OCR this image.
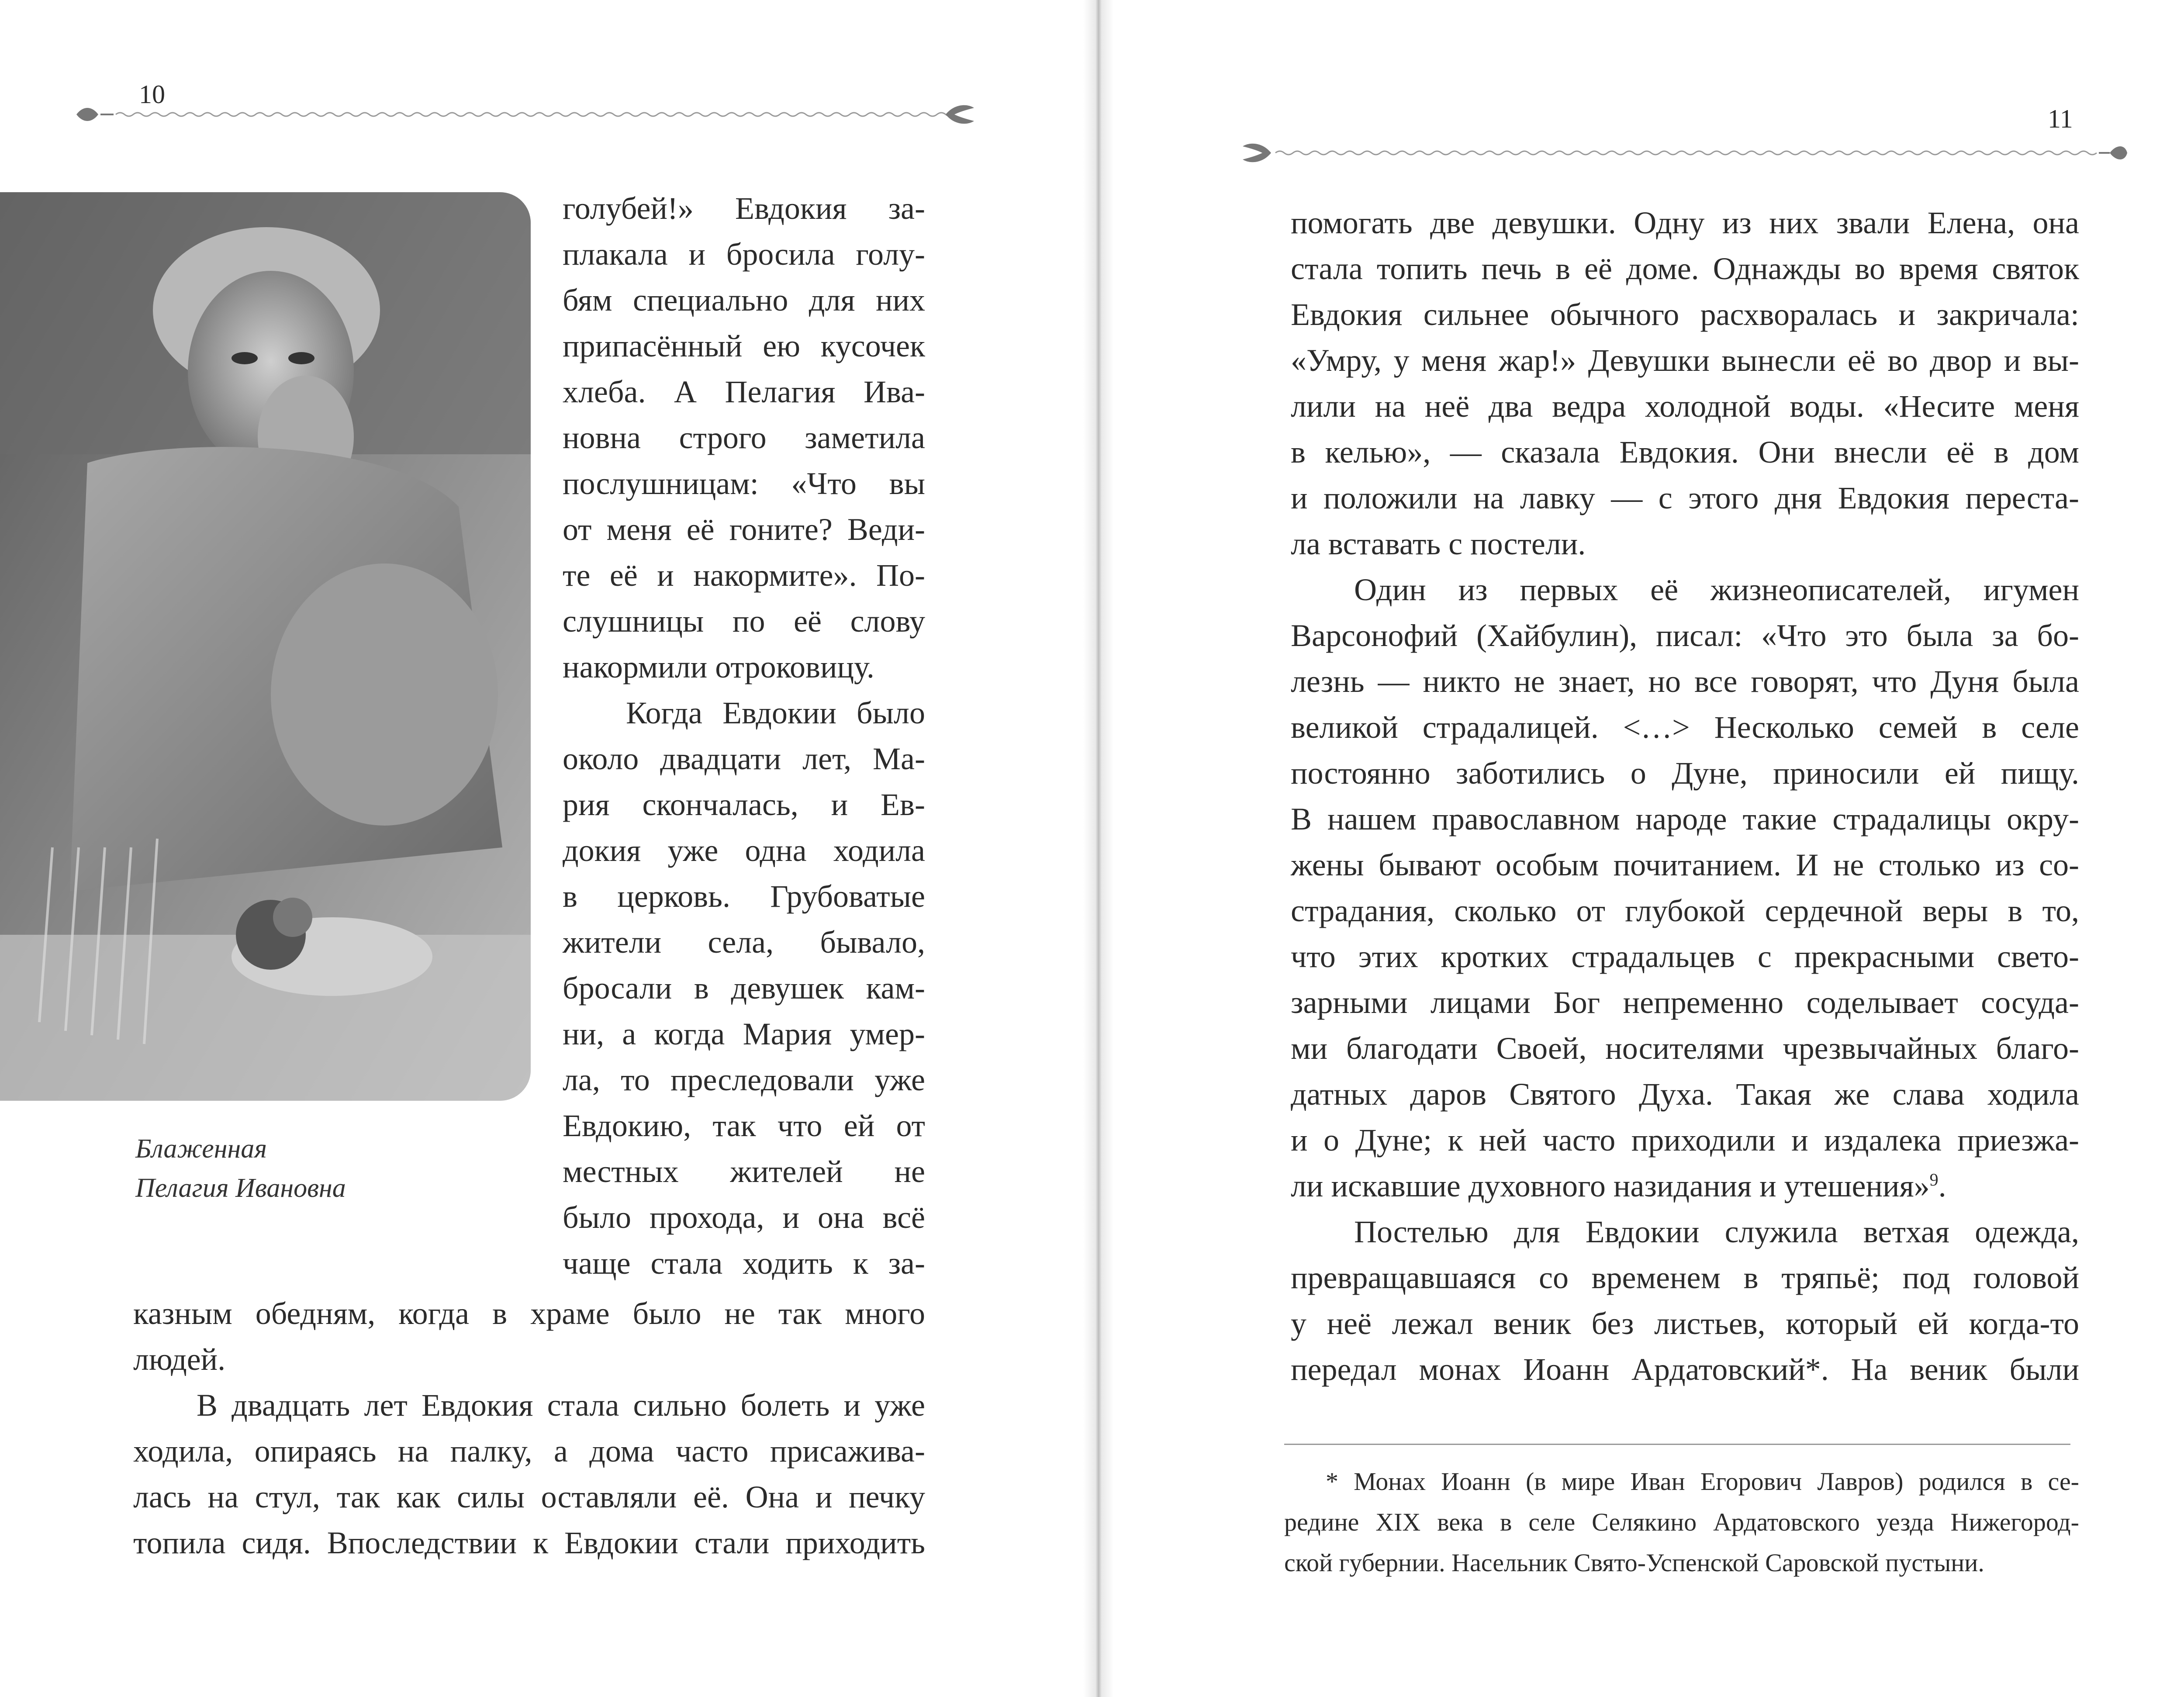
10
Блаженная
Пелагия Ивановна
голубей!» Евдокия за-
плакала и бросила голу-
бям специально для них
припасённый ею кусочек
хлеба. А Пелагия Ива-
новна строго заметила
послушницам: «Что вы
от меня её гоните? Веди-
те её и накормите». По-
слушницы по её слову
накормили отроковицу.
Когда Евдокии было
около двадцати лет, Ма-
рия скончалась, и Ев-
докия уже одна ходила
в церковь. Грубоватые
жители села, бывало,
бросали в девушек кам-
ни, а когда Мария умер-
ла, то преследовали уже
Евдокию, так что ей от
местных жителей не
было прохода, и она всё
чаще стала ходить к за-
казным обедням, когда в храме было не так много
людей.
В двадцать лет Евдокия стала сильно болеть и уже
ходила, опираясь на палку, а дома часто присажива-
лась на стул, так как силы оставляли её. Она и печку
топила сидя. Впоследствии к Евдокии стали приходить
11
помогать две девушки. Одну из них звали Елена, она
стала топить печь в её доме. Однажды во время святок
Евдокия сильнее обычного расхворалась и закричала:
«Умру, у меня жар!» Девушки вынесли её во двор и вы-
лили на неё два ведра холодной воды. «Несите меня
в келью», — сказала Евдокия. Они внесли её в дом
и положили на лавку — с этого дня Евдокия переста-
ла вставать с постели.
Один из первых её жизнеописателей, игумен
Варсонофий (Хайбулин), писал: «Что это была за бо-
лезнь — никто не знает, но все говорят, что Дуня была
великой страдалицей. <…> Несколько семей в селе
постоянно заботились о Дуне, приносили ей пищу.
В нашем православном народе такие страдалицы окру-
жены бывают особым почитанием. И не столько из со-
страдания, сколько от глубокой сердечной веры в то,
что этих кротких страдальцев с прекрасными свето-
зарными лицами Бог непременно соделывает сосуда-
ми благодати Своей, носителями чрезвычайных благо-
датных даров Святого Духа. Такая же слава ходила
и о Дуне; к ней часто приходили и издалека приезжа-
ли искавшие духовного назидания и утешения»$^9$.
Постелью для Евдокии служила ветхая одежда,
превращавшаяся со временем в тряпьё; под головой
у неё лежал веник без листьев, который ей когда-то
передал монах Иоанн Ардатовский*. На веник были
* Монах Иоанн (в мире Иван Егорович Лавров) родился в се-
редине XIX века в селе Селякино Ардатовского уезда Нижегород-
ской губернии. Насельник Свято-Успенской Саровской пустыни.
